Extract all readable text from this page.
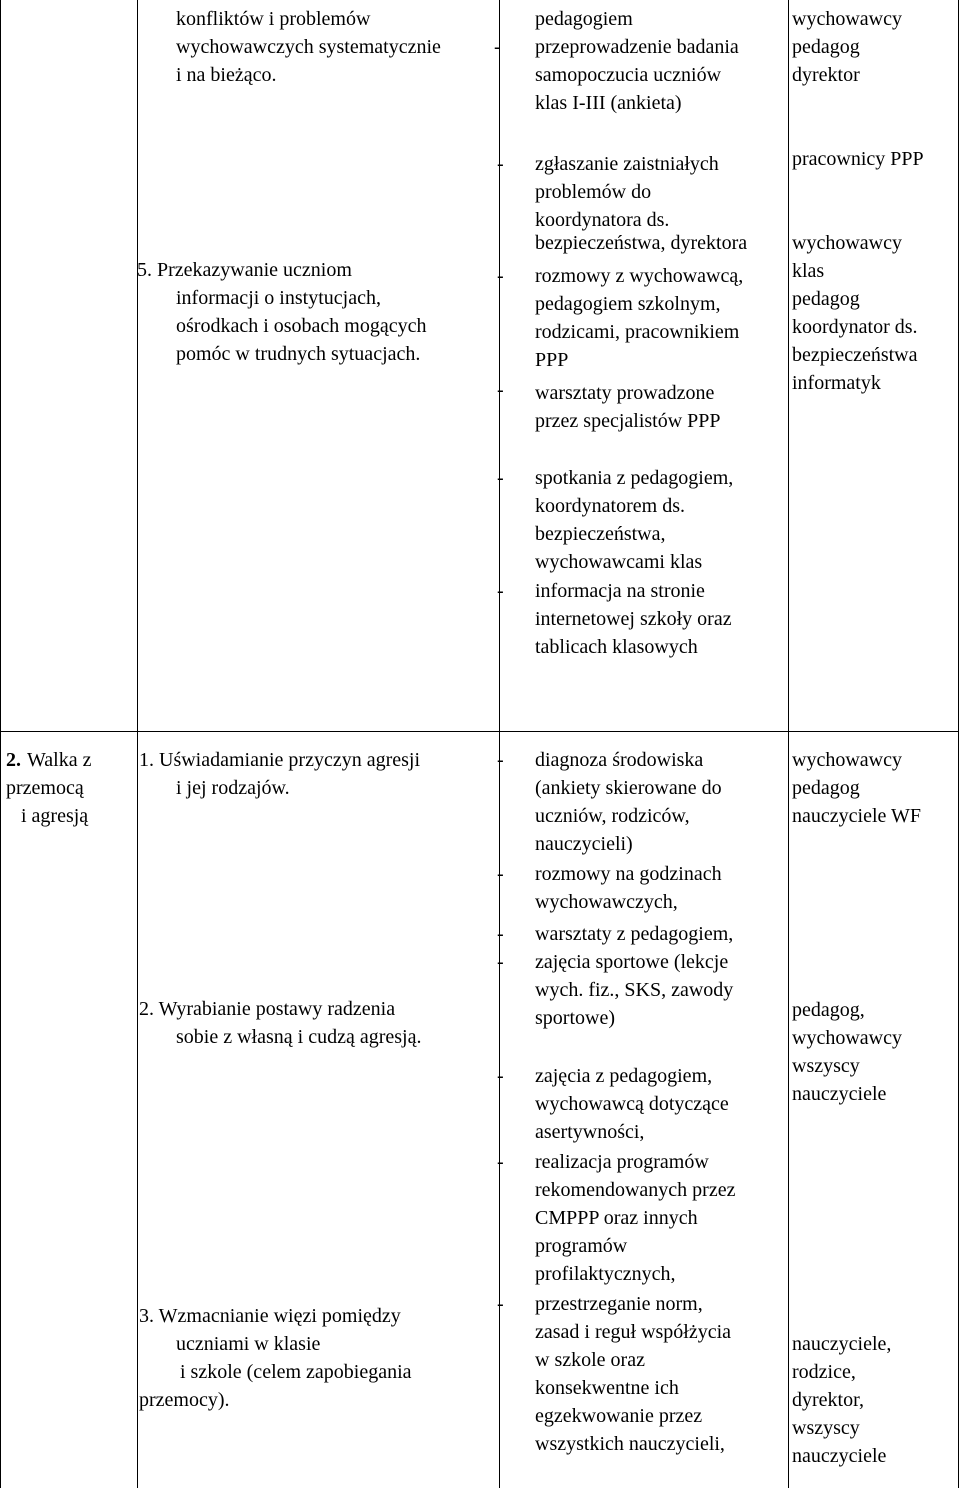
konfliktów i problemów
wychowawczych systematycznie
i na bieżąco.
-
pedagogiem
przeprowadzenie badania
samopoczucia uczniów
klas I-III (ankieta)
wychowawcy
pedagog
dyrektor
5. Przekazywanie uczniom
informacji o instytucjach,
ośrodkach i osobach mogących
pomóc w trudnych sytuacjach.
- zgłaszanie zaistniałych
problemów do
koordynatora ds.
bezpieczeństwa, dyrektora
- rozmowy z wychowawcą,
pedagogiem szkolnym,
rodzicami, pracownikiem
PPP
- warsztaty prowadzone
przez specjalistów PPP
- spotkania z pedagogiem,
koordynatorem ds.
bezpieczeństwa,
wychowawcami klas
- informacja na stronie
internetowej szkoły oraz
tablicach klasowych
pracownicy PPP
wychowawcy
klas
pedagog
koordynator ds.
bezpieczeństwa
informatyk
2. Walka z
przemocą
i agresją
1. Uświadamianie przyczyn agresji
i jej rodzajów.
2. Wyrabianie postawy radzenia
sobie z własną i cudzą agresją.
3. Wzmacnianie więzi pomiędzy
uczniami w klasie
i szkole (celem zapobiegania
przemocy).
- diagnoza środowiska
(ankiety skierowane do
uczniów, rodziców,
nauczycieli)
- rozmowy na godzinach
wychowawczych,
- warsztaty z pedagogiem,
- zajęcia sportowe (lekcje
wych. fiz., SKS, zawody
sportowe)
- zajęcia z pedagogiem,
wychowawcą dotyczące
asertywności,
- realizacja programów
rekomendowanych przez
CMPPP oraz innych
programów
profilaktycznych,
- przestrzeganie norm,
zasad i reguł współżycia
w szkole oraz
konsekwentne ich
egzekwowanie przez
wszystkich nauczycieli,
wychowawcy
pedagog
nauczyciele WF
pedagog,
wychowawcy
wszyscy
nauczyciele
nauczyciele,
rodzice,
dyrektor,
wszyscy
nauczyciele
